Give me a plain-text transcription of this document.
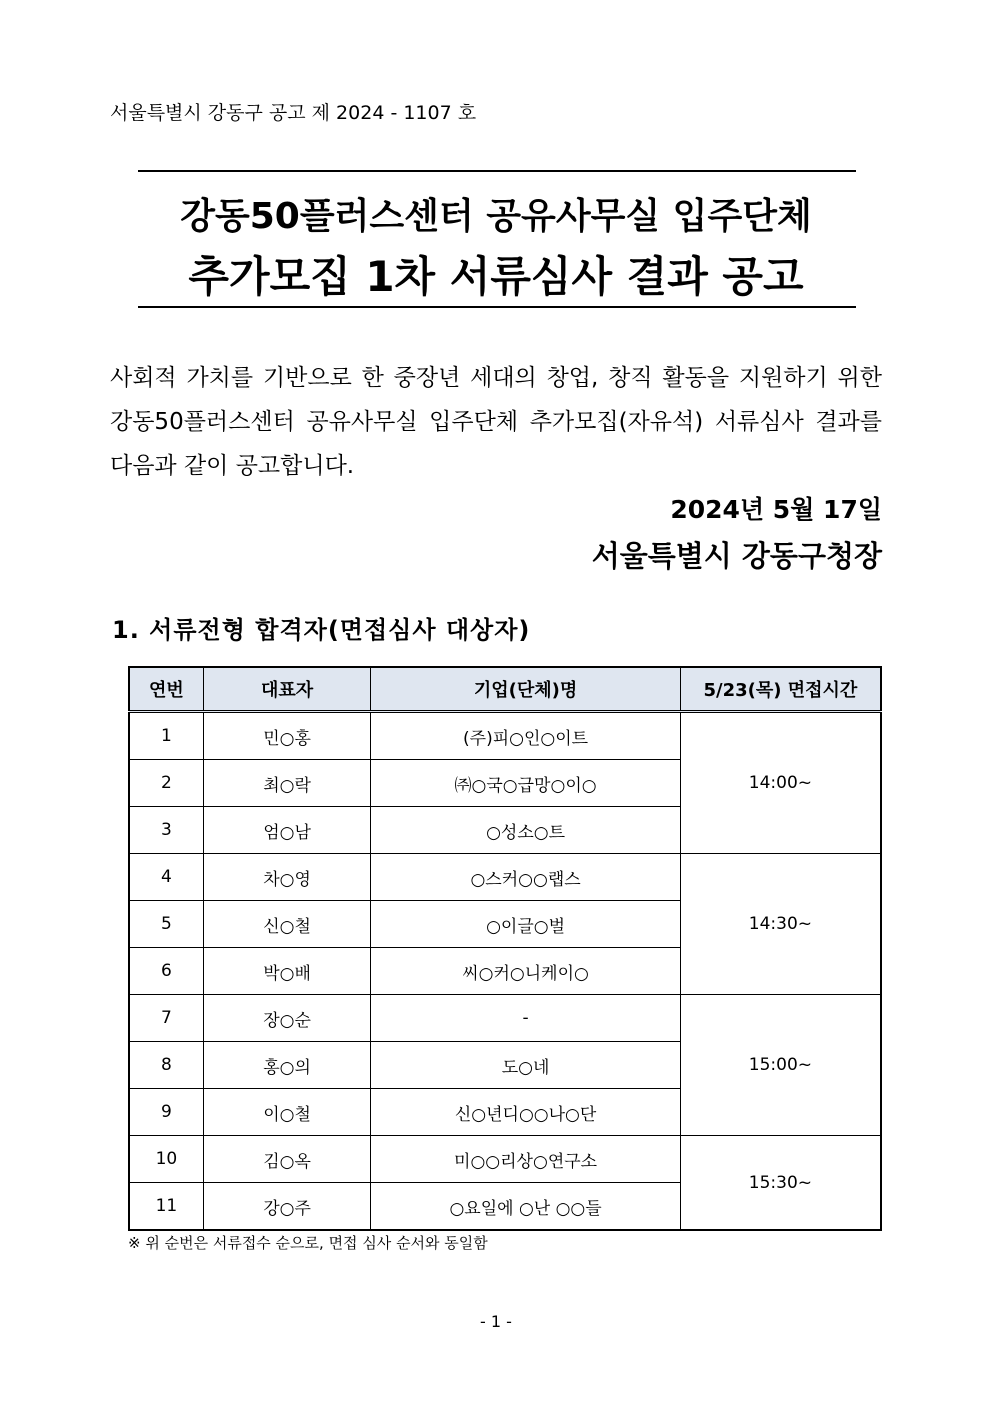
서울특별시 강동구 공고 제 2024 - 1107 호
강동50플러스센터 공유사무실 입주단체
추가모집 1차 서류심사 결과 공고
사회적 가치를 기반으로 한 중장년 세대의 창업, 창직 활동을 지원하기 위한 강동50플러스센터 공유사무실 입주단체 추가모집(자유석) 서류심사 결과를 다음과 같이 공고합니다.
2024년 5월 17일
서울특별시 강동구청장
1. 서류전형 합격자(면접심사 대상자)
연번	대표자	기업(단체)명	5/23(목) 면접시간
1	민○홍	(주)피○인○이트	14:00~
2	최○락	㈜○국○급망○이○	
3	엄○남	○성소○트	
4	차○영	○스커○○랩스	14:30~
5	신○철	○이글○벌	
6	박○배	씨○커○니케이○	
7	장○순	-	15:00~
8	홍○의	도○네	
9	이○철	신○년디○○나○단	
10	김○옥	미○○리상○연구소	15:30~
11	강○주	○요일에 ○난 ○○들	
※ 위 순번은 서류접수 순으로, 면접 심사 순서와 동일함
- 1 -
